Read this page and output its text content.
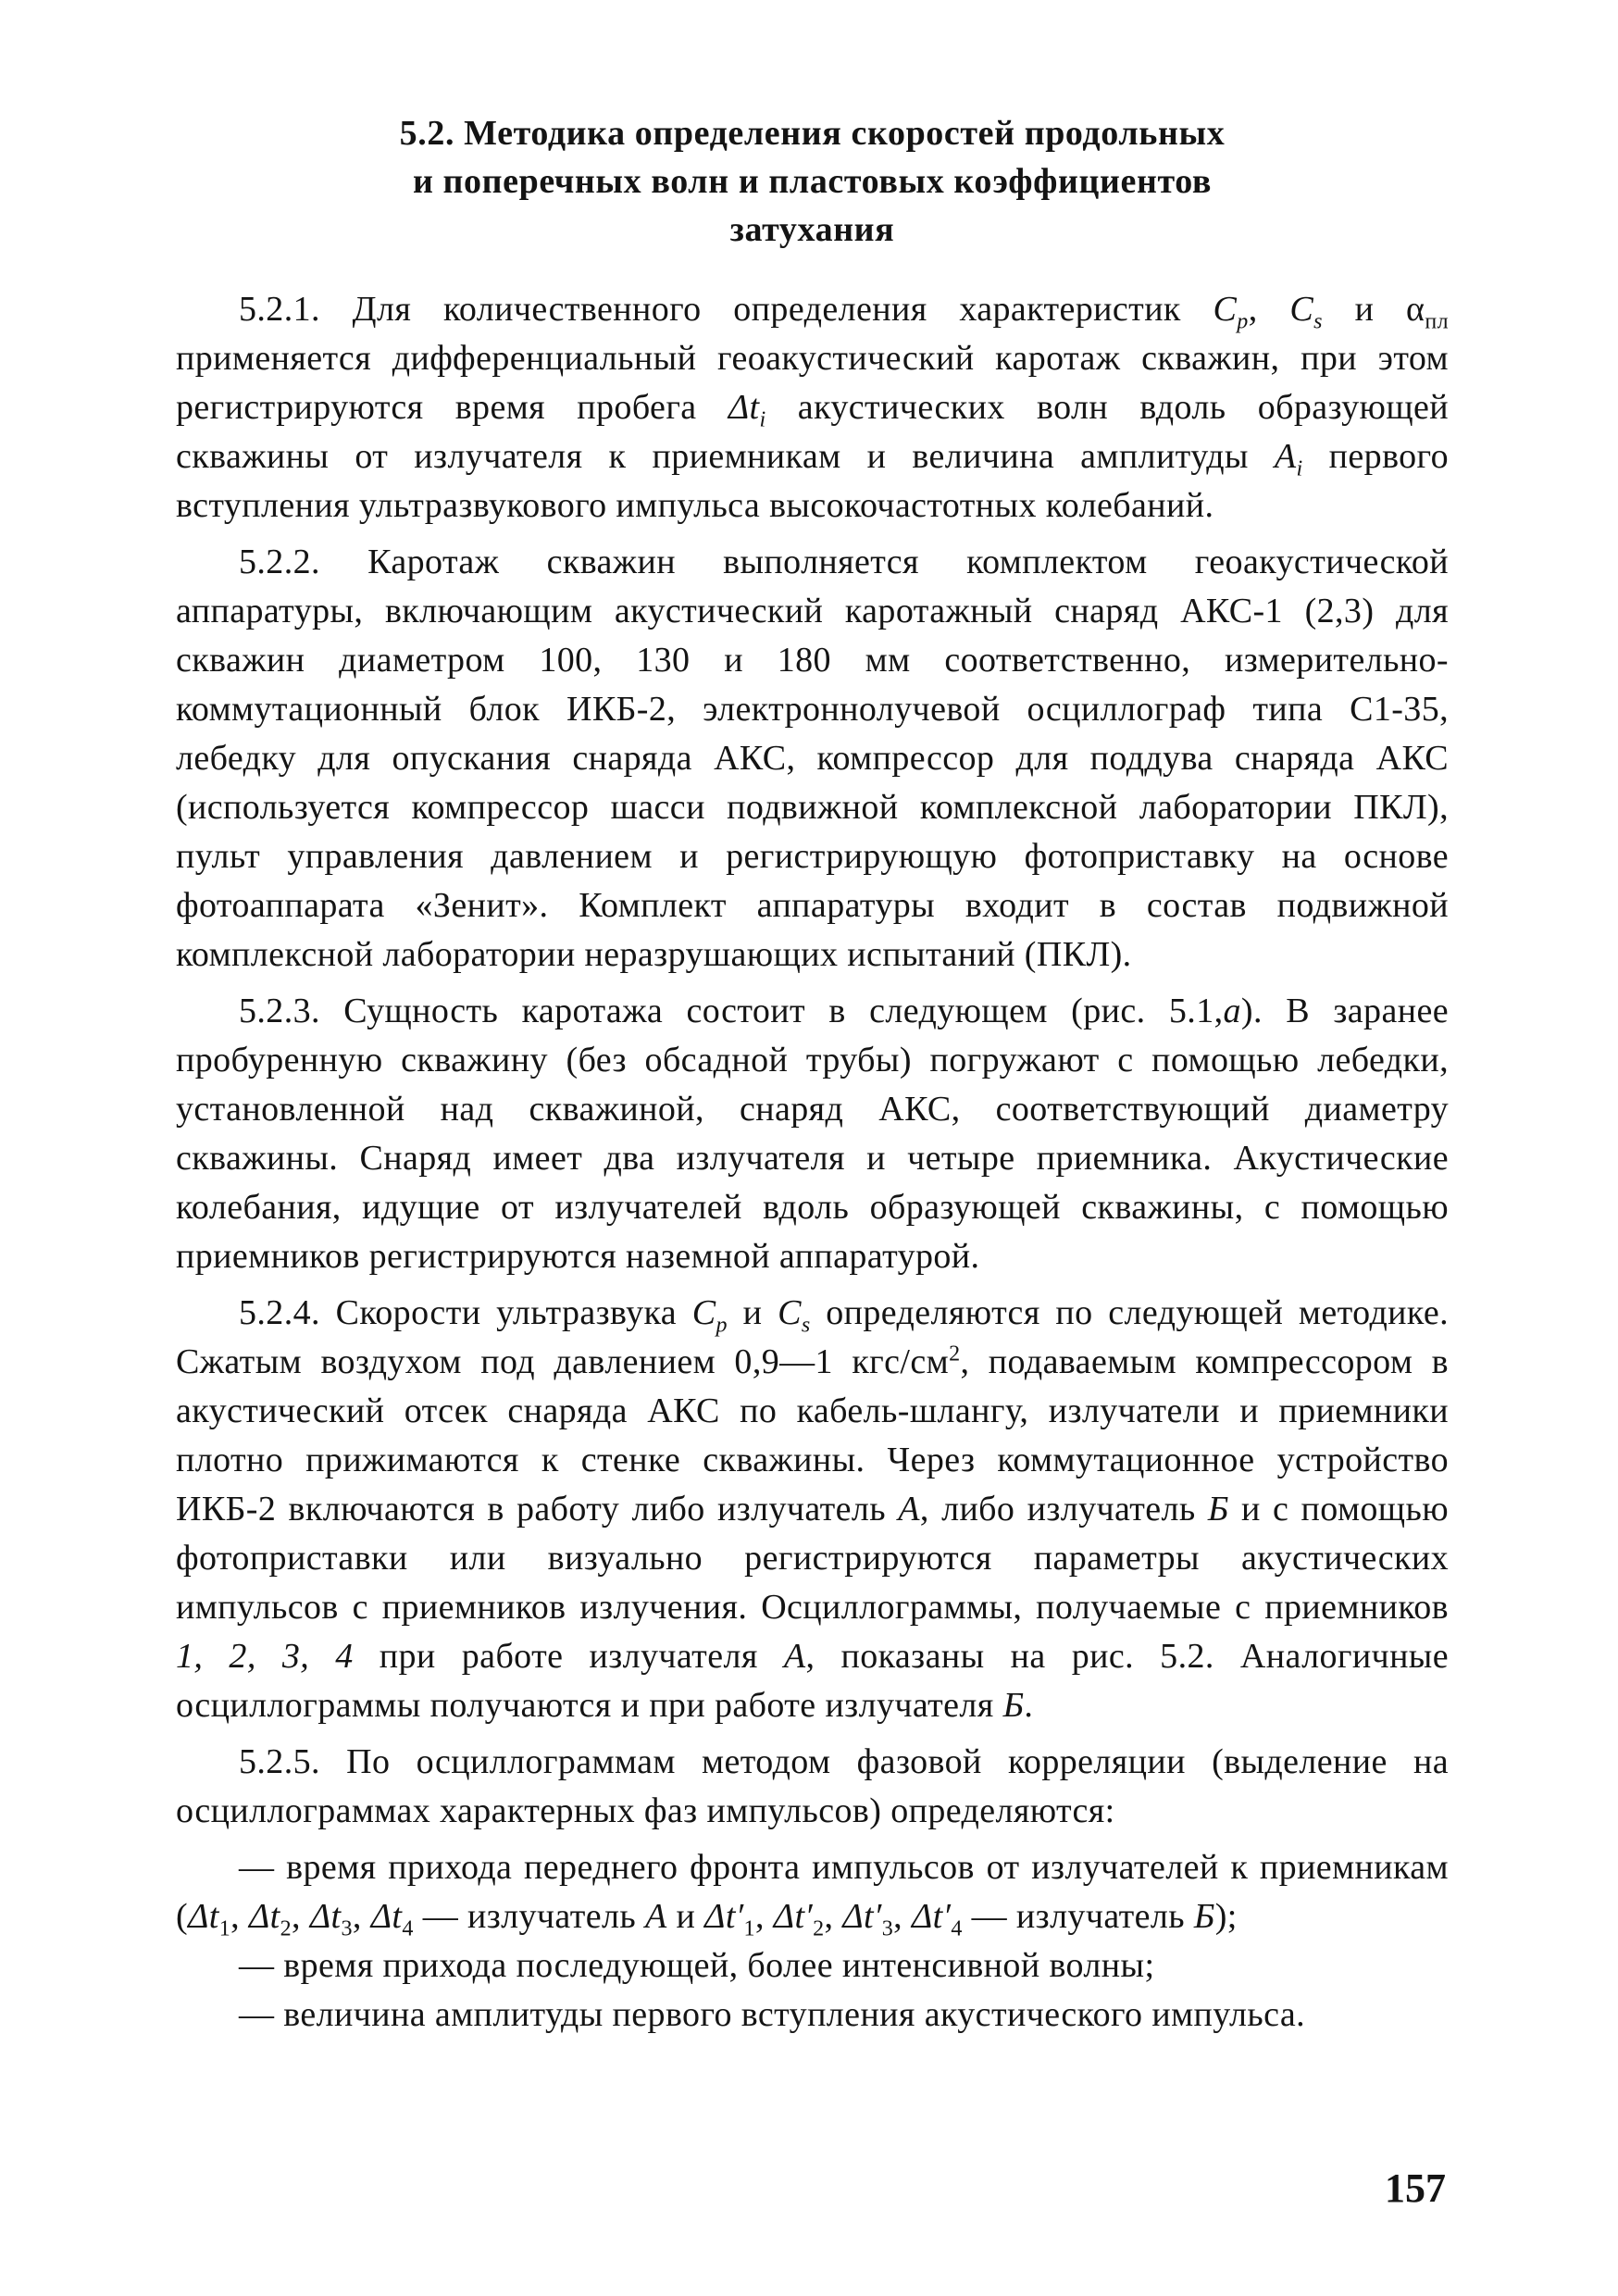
5.2. Методика определения скоростей продольных
и поперечных волн и пластовых коэффициентов
затухания

5.2.1. Для количественного определения характеристик $C_p$, $C_s$ и $\alpha_{пл}$ применяется дифференциальный геоакустический каротаж скважин, при этом регистрируются время пробега $\Delta t_i$ акустических волн вдоль образующей скважины от излучателя к приемникам и величина амплитуды $A_i$ первого вступления ультразвукового импульса высокочастотных колебаний.

5.2.2. Каротаж скважин выполняется комплектом геоакустической аппаратуры, включающим акустический каротажный снаряд АКС-1 (2,3) для скважин диаметром 100, 130 и 180 мм соответственно, измерительно-коммутационный блок ИКБ-2, электроннолучевой осциллограф типа С1-35, лебедку для опускания снаряда АКС, компрессор для поддува снаряда АКС (используется компрессор шасси подвижной комплексной лаборатории ПКЛ), пульт управления давлением и регистрирующую фотоприставку на основе фотоаппарата «Зенит». Комплект аппаратуры входит в состав подвижной комплексной лаборатории неразрушающих испытаний (ПКЛ).

5.2.3. Сущность каротажа состоит в следующем (рис. 5.1,а). В заранее пробуренную скважину (без обсадной трубы) погружают с помощью лебедки, установленной над скважиной, снаряд АКС, соответствующий диаметру скважины. Снаряд имеет два излучателя и четыре приемника. Акустические колебания, идущие от излучателей вдоль образующей скважины, с помощью приемников регистрируются наземной аппаратурой.

5.2.4. Скорости ультразвука $C_p$ и $C_s$ определяются по следующей методике. Сжатым воздухом под давлением 0,9—1 кгс/$см^2$, подаваемым компрессором в акустический отсек снаряда АКС по кабель-шлангу, излучатели и приемники плотно прижимаются к стенке скважины. Через коммутационное устройство ИКБ-2 включаются в работу либо излучатель А, либо излучатель Б и с помощью фотоприставки или визуально регистрируются параметры акустических импульсов с приемников излучения. Осциллограммы, получаемые с приемников 1, 2, 3, 4 при работе излучателя А, показаны на рис. 5.2. Аналогичные осциллограммы получаются и при работе излучателя Б.

5.2.5. По осциллограммам методом фазовой корреляции (выделение на осциллограммах характерных фаз импульсов) определяются:

— время прихода переднего фронта импульсов от излучателей к приемникам ($\Delta t_1$, $\Delta t_2$, $\Delta t_3$, $\Delta t_4$ — излучатель А и $\Delta t'_1$, $\Delta t'_2$, $\Delta t'_3$, $\Delta t'_4$ — излучатель Б);

— время прихода последующей, более интенсивной волны;

— величина амплитуды первого вступления акустического импульса.

157
